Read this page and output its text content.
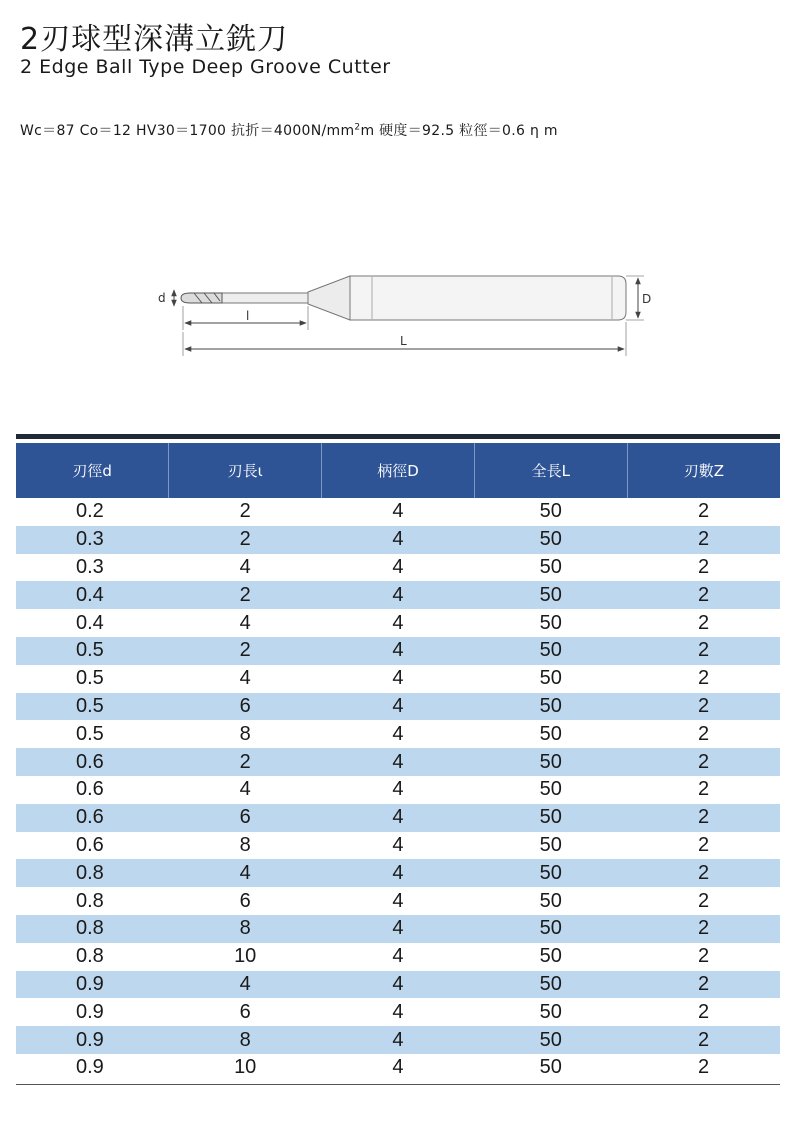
2刃球型深溝立銑刀
2 Edge Ball Type Deep Groove Cutter
Wc＝87 Co＝12 HV30＝1700 抗折$=4000N/mm^2m$ 硬度＝92.5 粒徑＝0.6 η m
d
l
L
D
刃徑d	刃長ι	柄徑D	全長L	刃數Z
0.2	2	4	50	2
0.3	2	4	50	2
0.3	4	4	50	2
0.4	2	4	50	2
0.4	4	4	50	2
0.5	2	4	50	2
0.5	4	4	50	2
0.5	6	4	50	2
0.5	8	4	50	2
0.6	2	4	50	2
0.6	4	4	50	2
0.6	6	4	50	2
0.6	8	4	50	2
0.8	4	4	50	2
0.8	6	4	50	2
0.8	8	4	50	2
0.8	10	4	50	2
0.9	4	4	50	2
0.9	6	4	50	2
0.9	8	4	50	2
0.9	10	4	50	2
